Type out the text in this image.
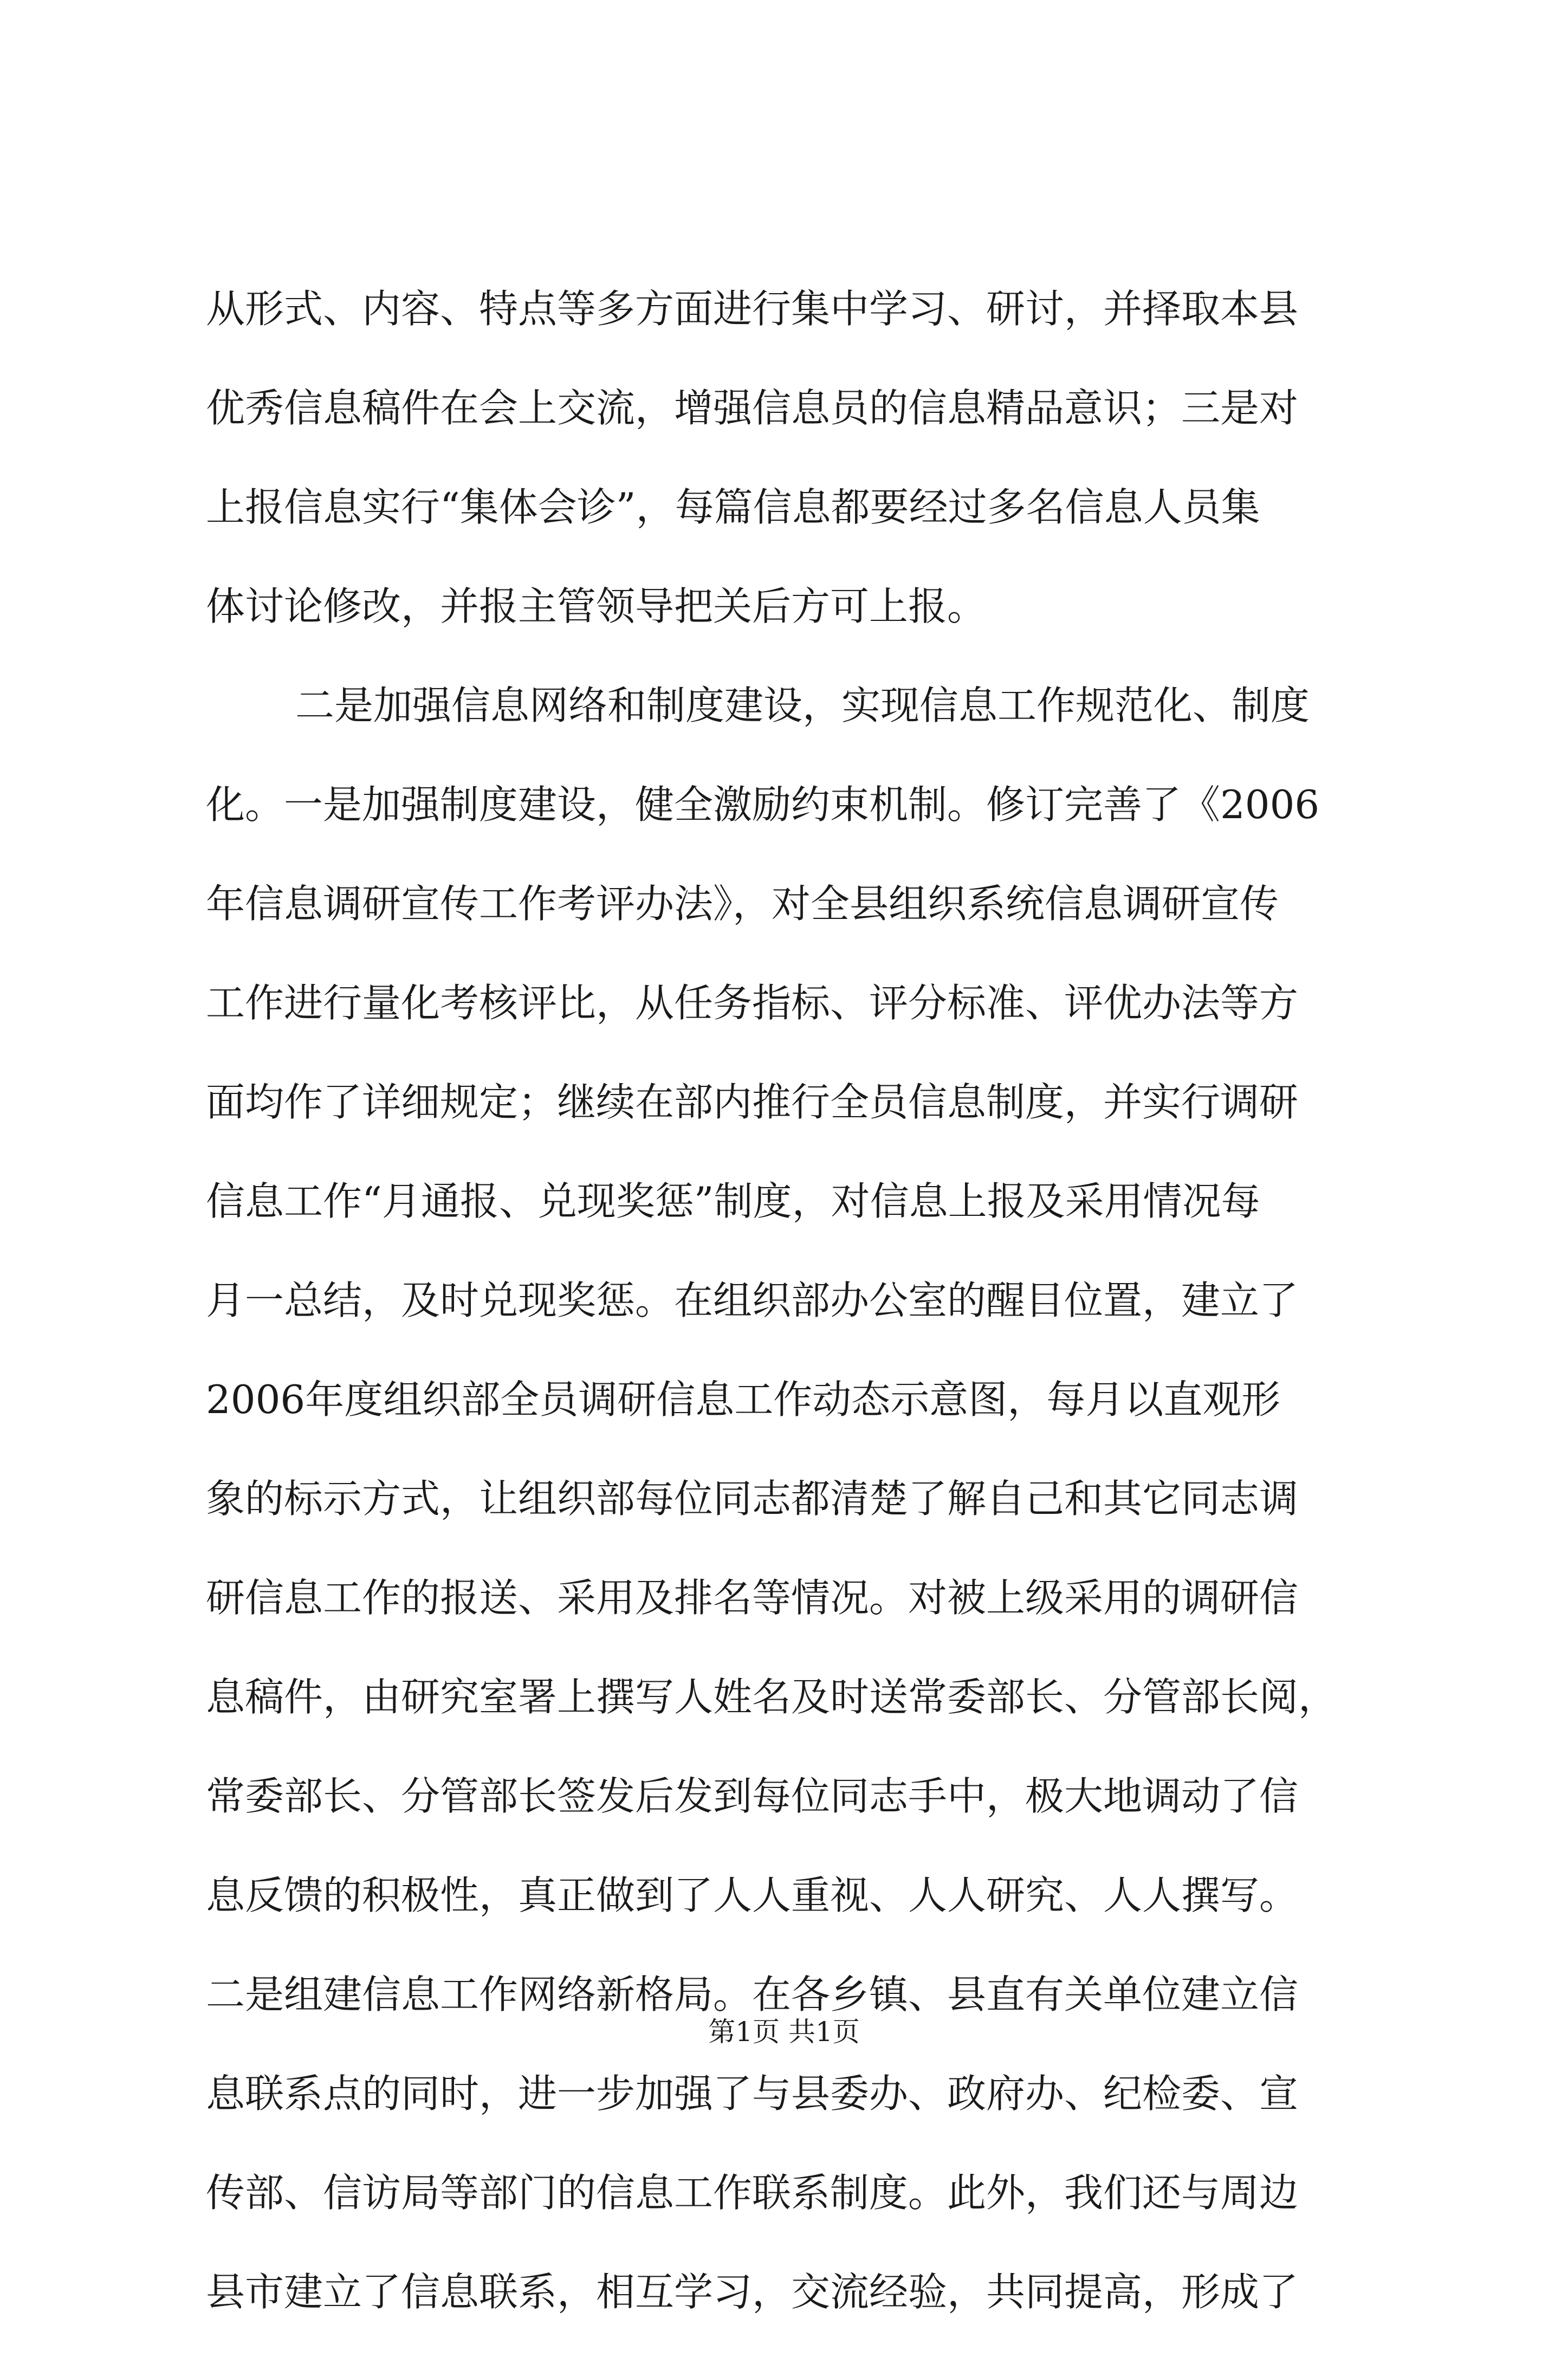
从形式、内容、特点等多方面进行集中学习、研讨，并择取本县
优秀信息稿件在会上交流，增强信息员的信息精品意识；三是对
上报信息实行“集体会诊”，每篇信息都要经过多名信息人员集
体讨论修改，并报主管领导把关后方可上报。
二是加强信息网络和制度建设，实现信息工作规范化、制度
化。一是加强制度建设，健全激励约束机制。修订完善了《2006
年信息调研宣传工作考评办法》，对全县组织系统信息调研宣传
工作进行量化考核评比，从任务指标、评分标准、评优办法等方
面均作了详细规定；继续在部内推行全员信息制度，并实行调研
信息工作“月通报、兑现奖惩”制度，对信息上报及采用情况每
月一总结，及时兑现奖惩。在组织部办公室的醒目位置，建立了
2006年度组织部全员调研信息工作动态示意图，每月以直观形
象的标示方式，让组织部每位同志都清楚了解自己和其它同志调
研信息工作的报送、采用及排名等情况。对被上级采用的调研信
息稿件，由研究室署上撰写人姓名及时送常委部长、分管部长阅，
常委部长、分管部长签发后发到每位同志手中，极大地调动了信
息反馈的积极性，真正做到了人人重视、人人研究、人人撰写。
二是组建信息工作网络新格局。在各乡镇、县直有关单位建立信
息联系点的同时，进一步加强了与县委办、政府办、纪检委、宣
传部、信访局等部门的信息工作联系制度。此外，我们还与周边
县市建立了信息联系，相互学习，交流经验，共同提高，形成了
第1页 共1页
